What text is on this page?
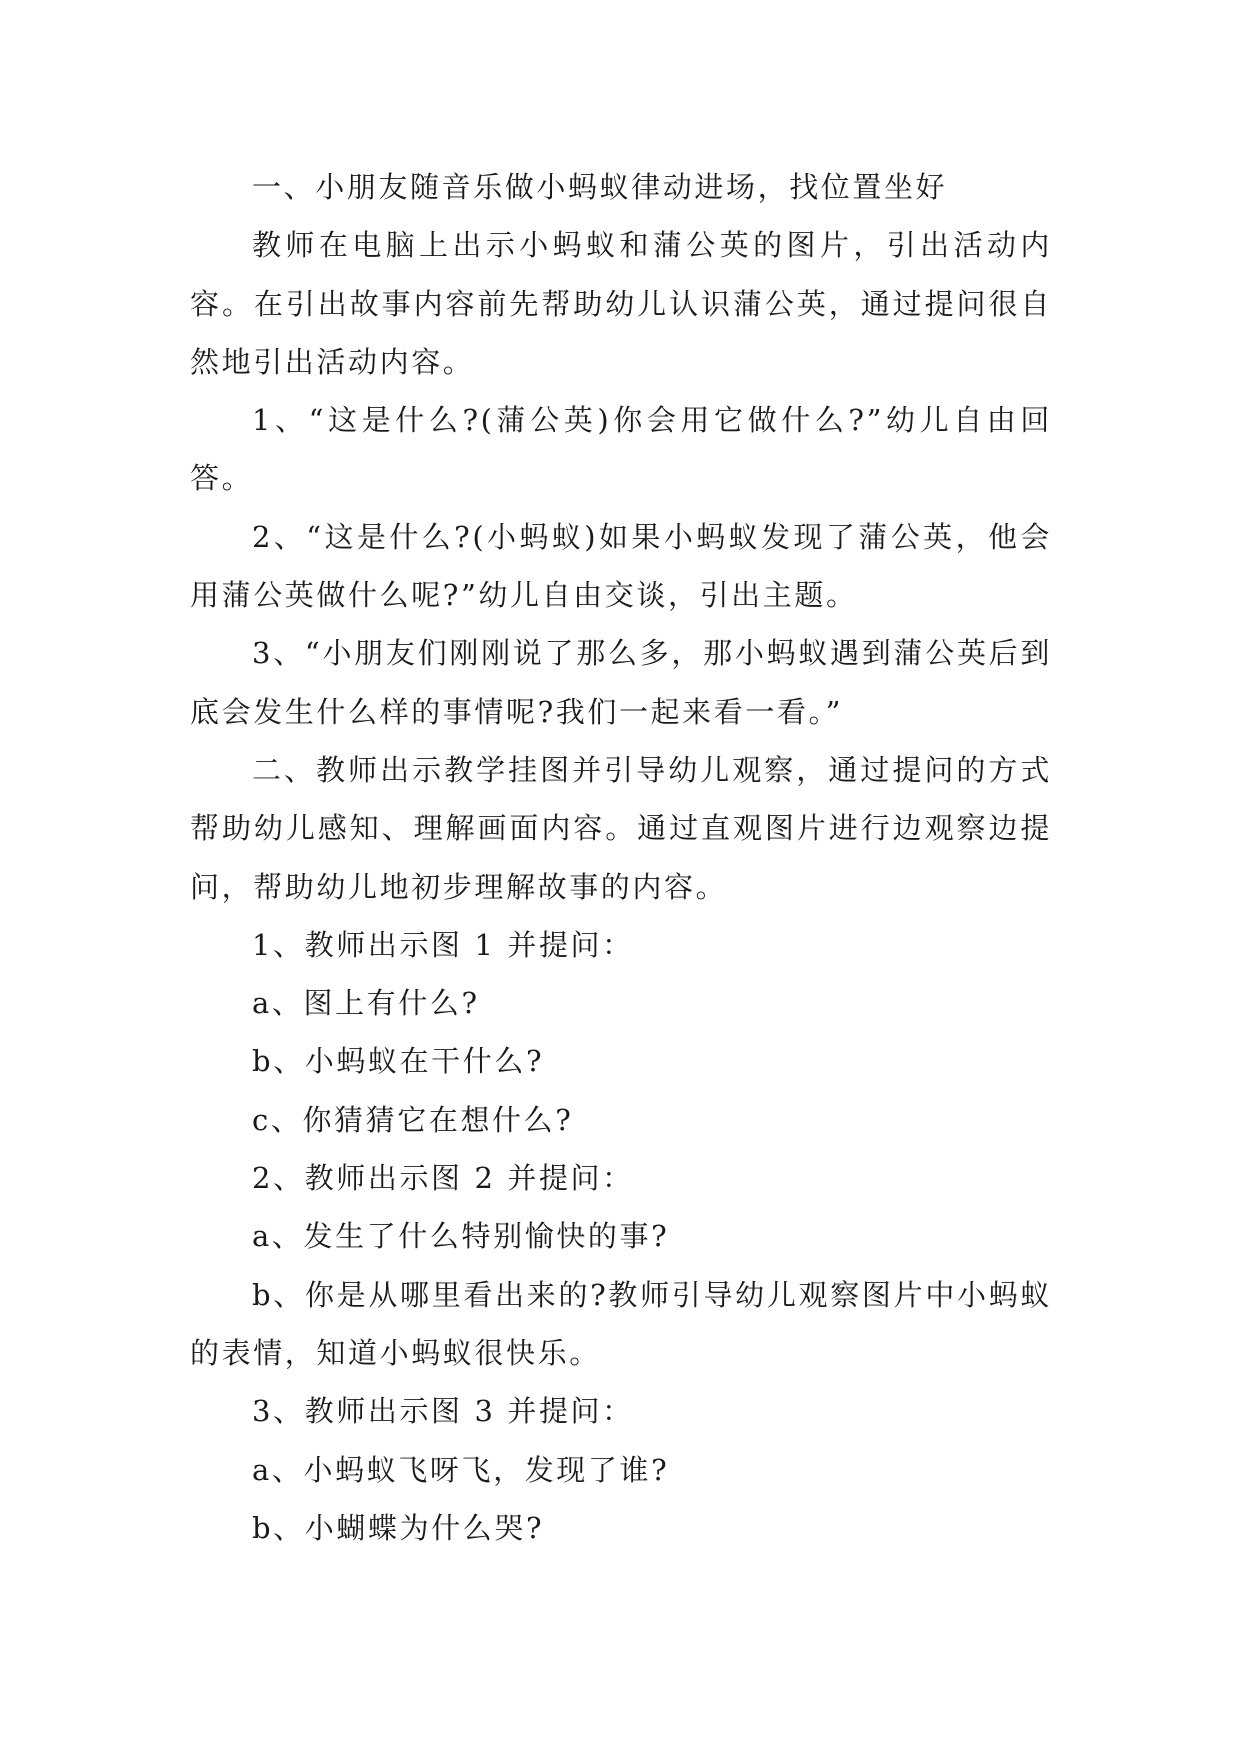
一、小朋友随音乐做小蚂蚁律动进场，找位置坐好

教师在电脑上出示小蚂蚁和蒲公英的图片，引出活动内容。在引出故事内容前先帮助幼儿认识蒲公英，通过提问很自然地引出活动内容。

1、“这是什么?(蒲公英)你会用它做什么?”幼儿自由回答。

2、“这是什么?(小蚂蚁)如果小蚂蚁发现了蒲公英，他会用蒲公英做什么呢?”幼儿自由交谈，引出主题。

3、“小朋友们刚刚说了那么多，那小蚂蚁遇到蒲公英后到底会发生什么样的事情呢?我们一起来看一看。”

二、教师出示教学挂图并引导幼儿观察，通过提问的方式帮助幼儿感知、理解画面内容。通过直观图片进行边观察边提问，帮助幼儿地初步理解故事的内容。

1、教师出示图 1 并提问：

a、图上有什么?

b、小蚂蚁在干什么?

c、你猜猜它在想什么?

2、教师出示图 2 并提问：

a、发生了什么特别愉快的事?

b、你是从哪里看出来的?教师引导幼儿观察图片中小蚂蚁的表情，知道小蚂蚁很快乐。

3、教师出示图 3 并提问：

a、小蚂蚁飞呀飞，发现了谁?

b、小蝴蝶为什么哭?
